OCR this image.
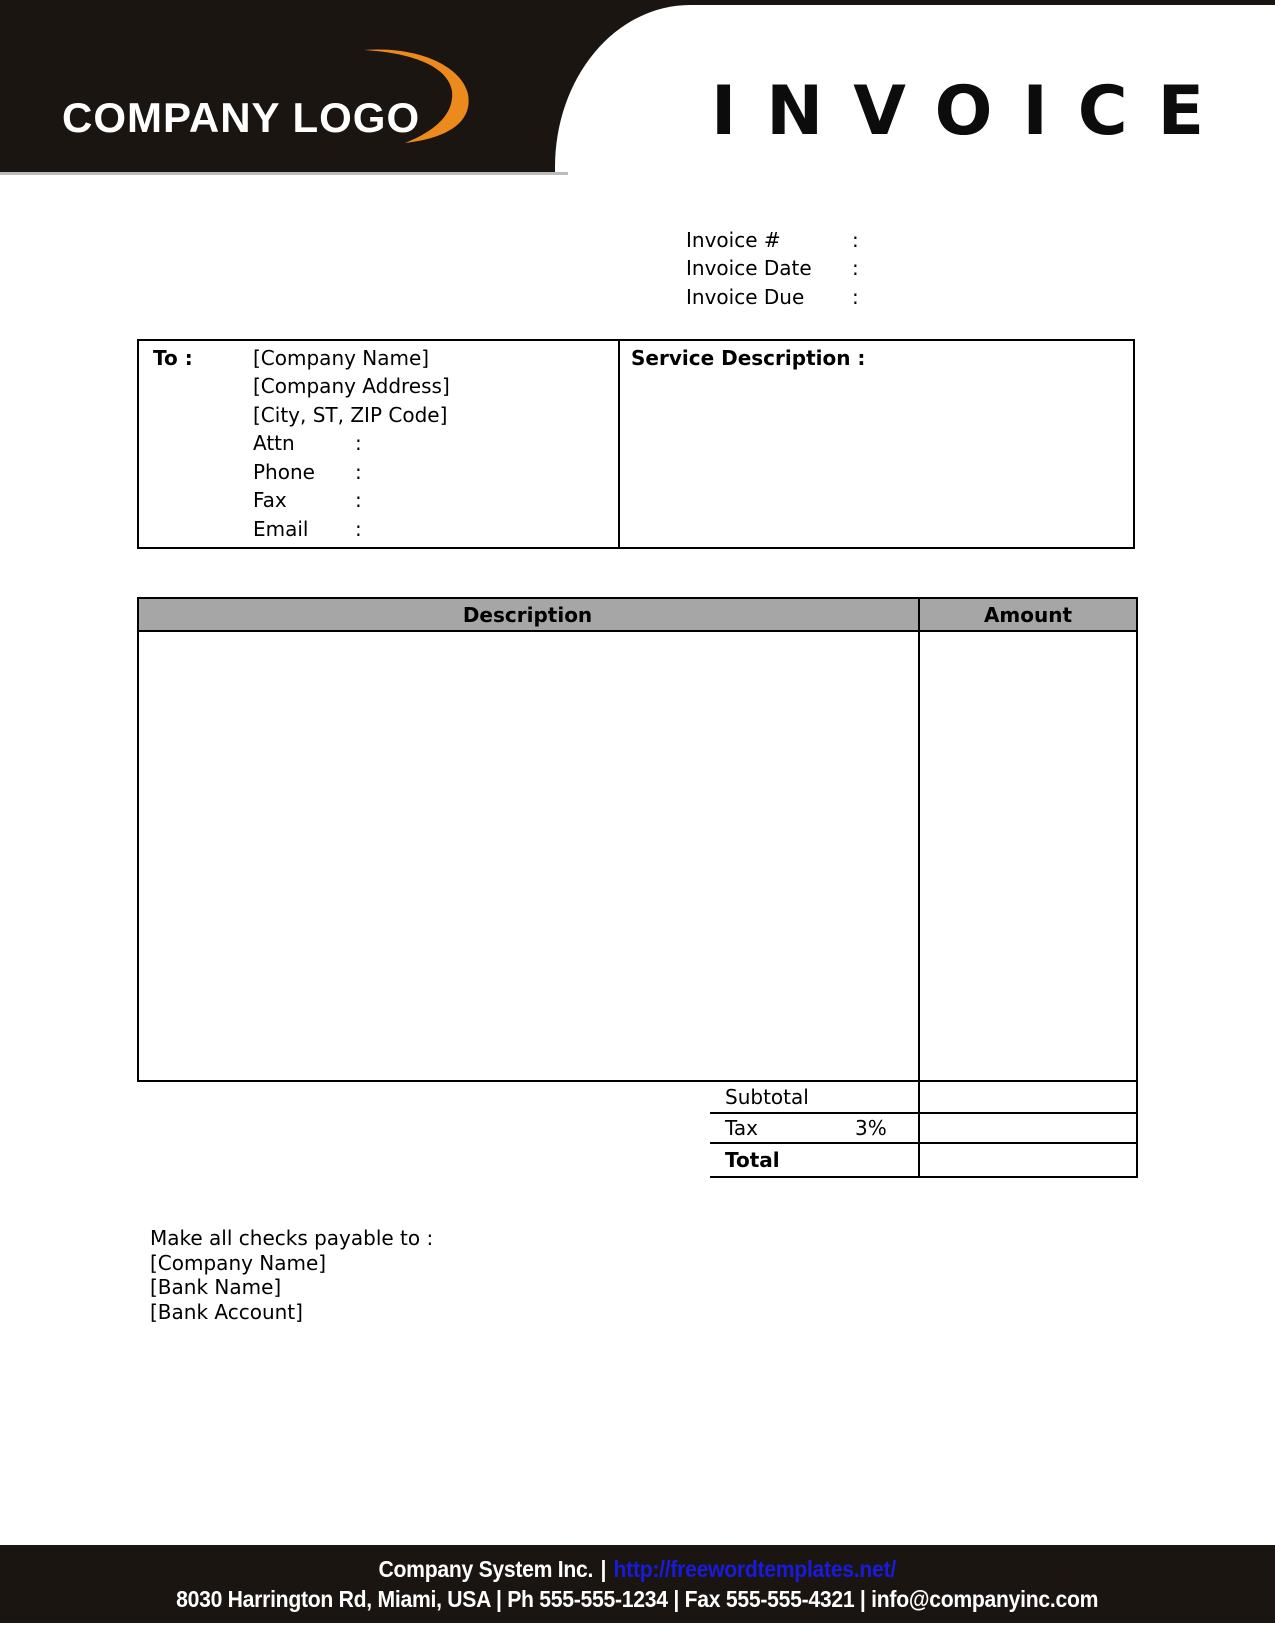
COMPANY LOGO	INVOICE
Invoice #	:
Invoice Date :
Invoice Due :
To :	[Company Name]
[Company Address]
[City, ST, ZIP Code]
Attn	:
Phone :
Fax	:
Email :
Service Description :
Description	Amount
Subtotal
Tax	3%
Total
Make all checks payable to :
[Company Name]
[Bank Name]
[Bank Account]
Company System Inc. | http://freewordtemplates.net/
8030 Harrington Rd, Miami, USA | Ph 555-555-1234 | Fax 555-555-4321 | info@companyinc.com
